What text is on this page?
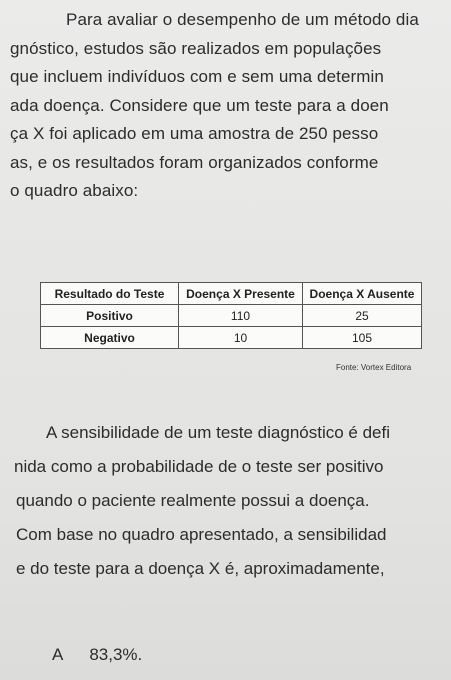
Para avaliar o desempenho de um método dia
gnóstico, estudos são realizados em populações
que incluem indivíduos com e sem uma determin
ada doença. Considere que um teste para a doen
ça X foi aplicado em uma amostra de 250 pesso
as, e os resultados foram organizados conforme
o quadro abaixo:
Resultado do Teste	Doença X Presente	Doença X Ausente
Positivo	110	25
Negativo	10	105
Fonte: Vortex Editora
A sensibilidade de um teste diagnóstico é defi
nida como a probabilidade de o teste ser positivo
quando o paciente realmente possui a doença.
Com base no quadro apresentado, a sensibilidad
e do teste para a doença X é, aproximadamente,
A 83,3%.
